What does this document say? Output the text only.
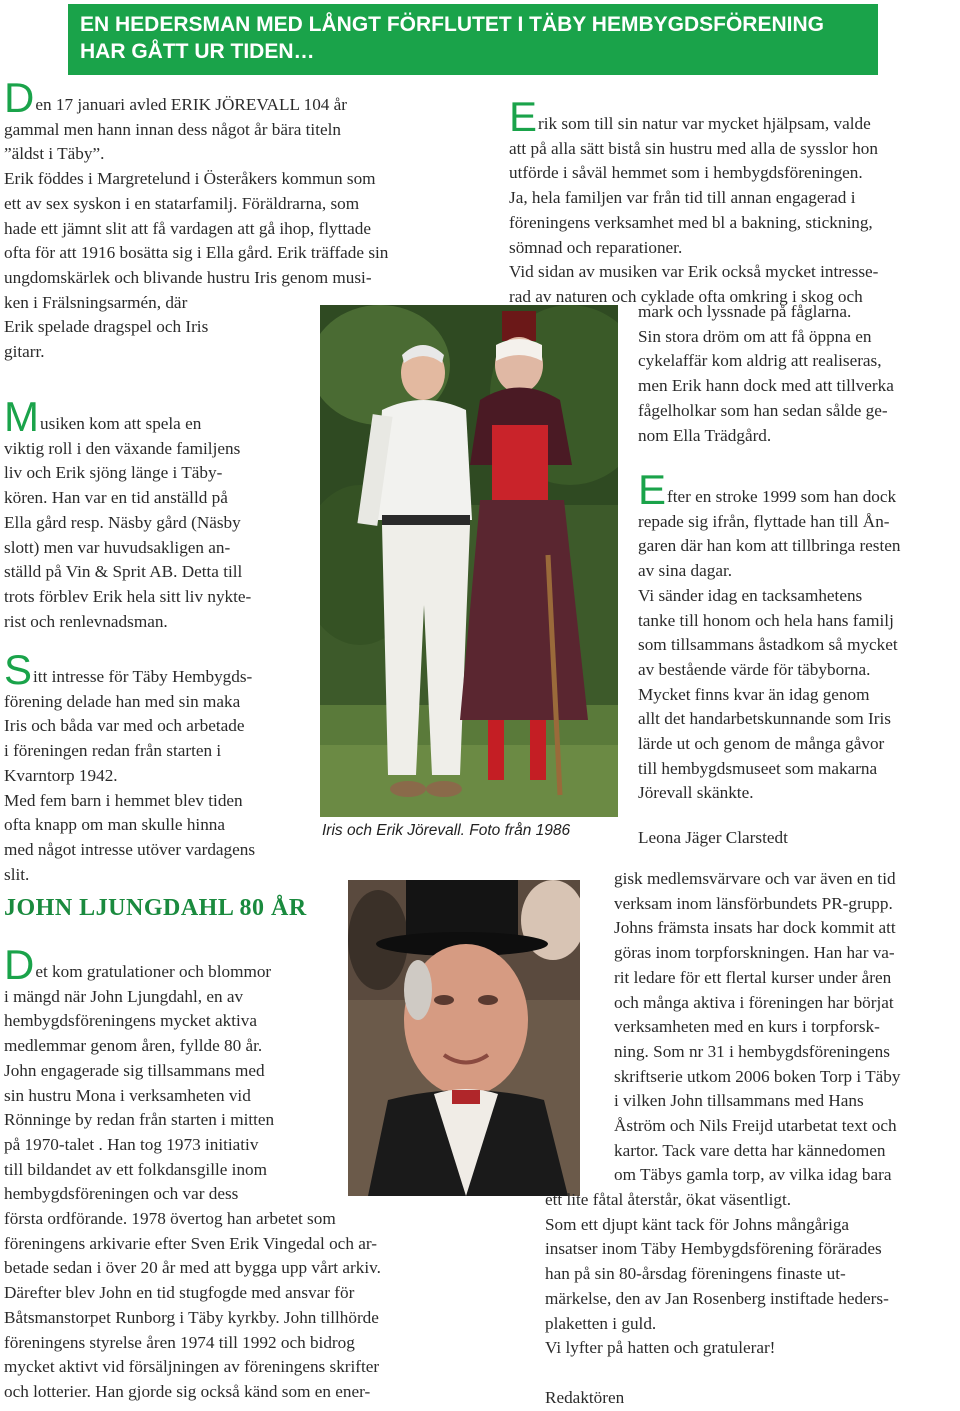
EN HEDERSMAN MED LÅNGT FÖRFLUTET I TÄBY HEMBYGDSFÖRENING
HAR GÅTT UR TIDEN…
Iris och Erik Jörevall. Foto från 1986
Den 17 januari avled ERIK JÖREVALL 104 år
gammal men hann innan dess något år bära titeln
”äldst i Täby”.
Erik föddes i Margretelund i Österåkers kommun som
ett av sex syskon i en statarfamilj. Föräldrarna, som
hade ett jämnt slit att få vardagen att gå ihop, flyttade
ofta för att 1916 bosätta sig i Ella gård. Erik träffade sin
ungdomskärlek och blivande hustru Iris genom musi-
ken i Frälsningsarmén, där
Erik spelade dragspel och Iris
gitarr.
Musiken kom att spela en
viktig roll i den växande familjens
liv och Erik sjöng länge i Täby-
kören. Han var en tid anställd på
Ella gård resp. Näsby gård (Näsby
slott) men var huvudsakligen an-
ställd på Vin & Sprit AB. Detta till
trots förblev Erik hela sitt liv nykte-
rist och renlevnadsman.
Sitt intresse för Täby Hembygds-
förening delade han med sin maka
Iris och båda var med och arbetade
i föreningen redan från starten i
Kvarntorp 1942.
Med fem barn i hemmet blev tiden
ofta knapp om man skulle hinna
med något intresse utöver vardagens
slit.
Erik som till sin natur var mycket hjälpsam, valde
att på alla sätt bistå sin hustru med alla de sysslor hon
utförde i såväl hemmet som i hembygdsföreningen.
Ja, hela familjen var från tid till annan engagerad i
föreningens verksamhet med bl a bakning, stickning,
sömnad och reparationer.
Vid sidan av musiken var Erik också mycket intresse-
rad av naturen och cyklade ofta omkring i skog och
mark och lyssnade på fåglarna.
Sin stora dröm om att få öppna en
cykelaffär kom aldrig att realiseras,
men Erik hann dock med att tillverka
fågelholkar som han sedan sålde ge-
nom Ella Trädgård.
Efter en stroke 1999 som han dock
repade sig ifrån, flyttade han till Ån-
garen där han kom att tillbringa resten
av sina dagar.
Vi sänder idag en tacksamhetens
tanke till honom och hela hans familj
som tillsammans åstadkom så mycket
av bestående värde för täbyborna.
Mycket finns kvar än idag genom
allt det handarbetskunnande som Iris
lärde ut och genom de många gåvor
till hembygdsmuseet som makarna
Jörevall skänkte.
Leona Jäger Clarstedt
JOHN LJUNGDAHL 80 ÅR
Det kom gratulationer och blommor
i mängd när John Ljungdahl, en av
hembygdsföreningens mycket aktiva
medlemmar genom åren, fyllde 80 år.
John engagerade sig tillsammans med
sin hustru Mona i verksamheten vid
Rönninge by redan från starten i mitten
på 1970-talet . Han tog 1973 initiativ
till bildandet av ett folkdansgille inom
hembygdsföreningen och var dess
första ordförande. 1978 övertog han arbetet som
föreningens arkivarie efter Sven Erik Vingedal och ar-
betade sedan i över 20 år med att bygga upp vårt arkiv.
Därefter blev John en tid stugfogde med ansvar för
Båtsmanstorpet Runborg i Täby kyrkby. John tillhörde
föreningens styrelse åren 1974 till 1992 och bidrog
mycket aktivt vid försäljningen av föreningens skrifter
och lotterier. Han gjorde sig också känd som en ener-
gisk medlemsvärvare och var även en tid
verksam inom länsförbundets PR-grupp.
Johns främsta insats har dock kommit att
göras inom torpforskningen. Han har va-
rit ledare för ett flertal kurser under åren
och många aktiva i föreningen har börjat
verksamheten med en kurs i torpforsk-
ning. Som nr 31 i hembygdsföreningens
skriftserie utkom 2006 boken Torp i Täby
i vilken John tillsammans med Hans
Åström och Nils Freijd utarbetat text och
kartor. Tack vare detta har kännedomen
om Täbys gamla torp, av vilka idag bara
ett lite fåtal återstår, ökat väsentligt.
Som ett djupt känt tack för Johns mångåriga
insatser inom Täby Hembygdsförening förärades
han på sin 80-årsdag föreningens finaste ut-
märkelse, den av Jan Rosenberg instiftade heders-
plaketten i guld.
Vi lyfter på hatten och gratulerar!
Redaktören
